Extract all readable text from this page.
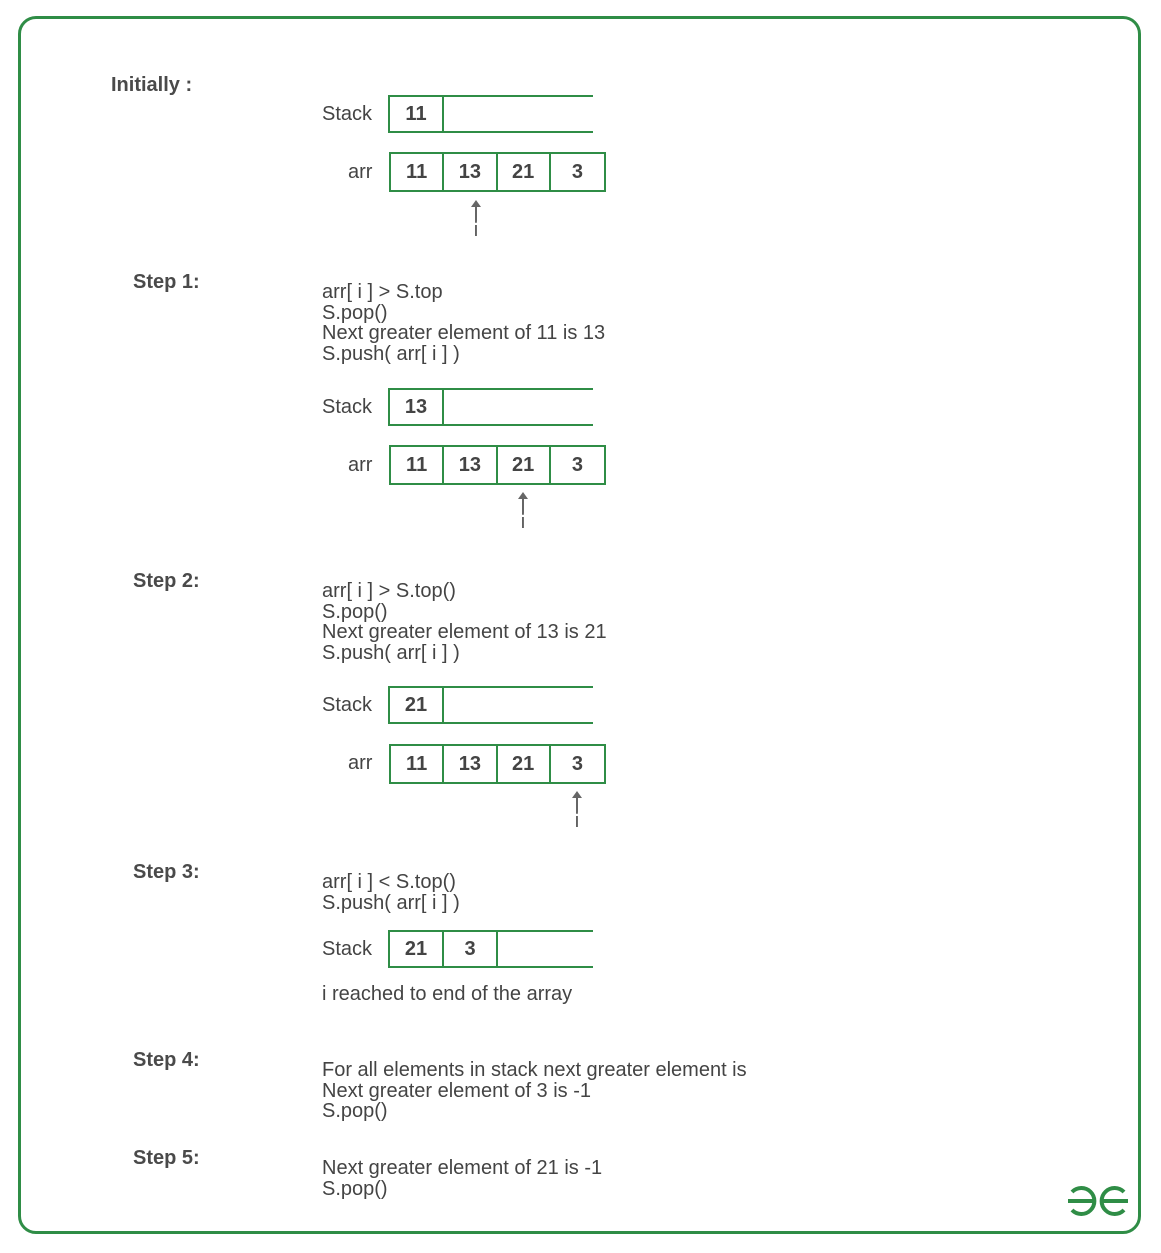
Initially :
Stack	11
arr	11	13	21	3
i
Step 1:	arr[ i ] > S.top
S.pop()
Next greater element of 11 is 13
S.push( arr[ i ] )
Stack	13
arr	11	13	21	3
i
Step 2:	arr[ i ] > S.top()
S.pop()
Next greater element of 13 is 21
S.push( arr[ i ] )
Stack	21
arr	11	13	21	3
i
Step 3:	arr[ i ] < S.top()
S.push( arr[ i ] )
Stack	21	3
i reached to end of the array
Step 4:	For all elements in stack next greater element is
Next greater element of 3 is -1
S.pop()
Step 5:	Next greater element of 21 is -1
S.pop()
